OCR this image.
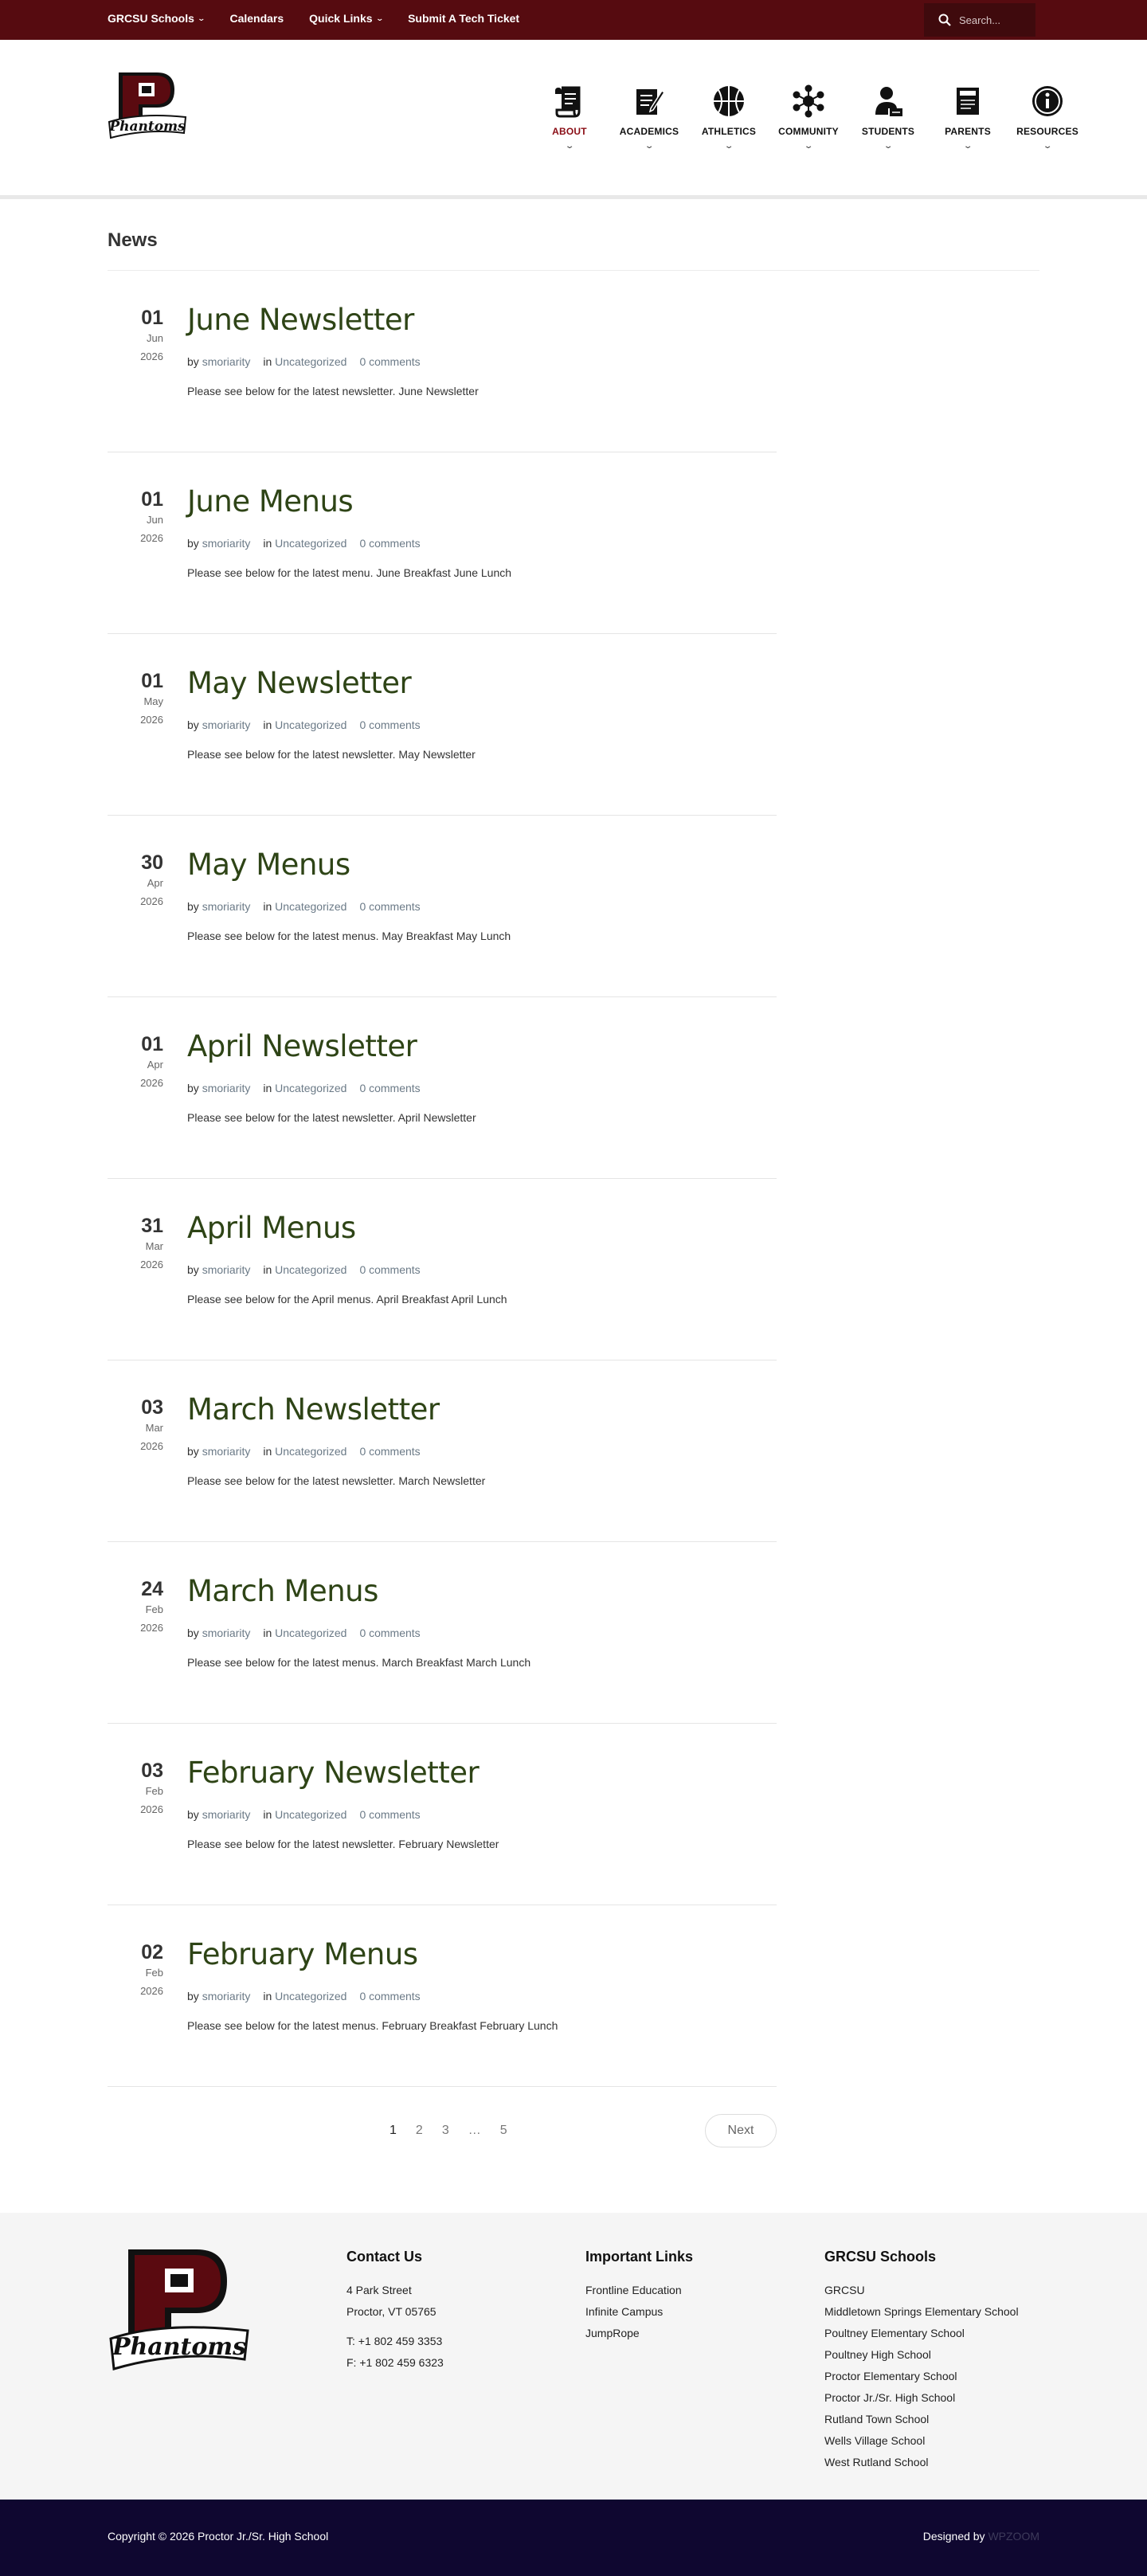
GRCSU Schools ⌄ Calendars Quick Links ⌄ Submit A Tech Ticket
Search...
Phantoms	ABOUT
⌄
ACADEMICS
⌄
ATHLETICS
⌄
COMMUNITY
⌄
STUDENTS
⌄
PARENTS
⌄
RESOURCES
⌄
News
01
Jun
2026
June Newsletter
by smoriarity in Uncategorized 0 comments

Please see below for the latest newsletter. June Newsletter

01
Jun
2026
June Menus
by smoriarity in Uncategorized 0 comments

Please see below for the latest menu. June Breakfast June Lunch

01
May
2026
May Newsletter
by smoriarity in Uncategorized 0 comments

Please see below for the latest newsletter. May Newsletter

30
Apr
2026
May Menus
by smoriarity in Uncategorized 0 comments

Please see below for the latest menus. May Breakfast May Lunch

01
Apr
2026
April Newsletter
by smoriarity in Uncategorized 0 comments

Please see below for the latest newsletter. April Newsletter

31
Mar
2026
April Menus
by smoriarity in Uncategorized 0 comments

Please see below for the April menus. April Breakfast April Lunch

03
Mar
2026
March Newsletter
by smoriarity in Uncategorized 0 comments

Please see below for the latest newsletter. March Newsletter

24
Feb
2026
March Menus
by smoriarity in Uncategorized 0 comments

Please see below for the latest menus. March Breakfast March Lunch

03
Feb
2026
February Newsletter
by smoriarity in Uncategorized 0 comments

Please see below for the latest newsletter. February Newsletter

02
Feb
2026
February Menus
by smoriarity in Uncategorized 0 comments

Please see below for the latest menus. February Breakfast February Lunch

1 2 3 … 5	Next
Phantoms
Contact Us
4 Park Street
Proctor, VT 05765
T: +1 802 459 3353
F: +1 802 459 6323
Important Links
Frontline Education
Infinite Campus
JumpRope
GRCSU Schools
GRCSU
Middletown Springs Elementary School
Poultney Elementary School
Poultney High School
Proctor Elementary School
Proctor Jr./Sr. High School
Rutland Town School
Wells Village School
West Rutland School
Copyright © 2026 Proctor Jr./Sr. High School	Designed by WPZOOM
